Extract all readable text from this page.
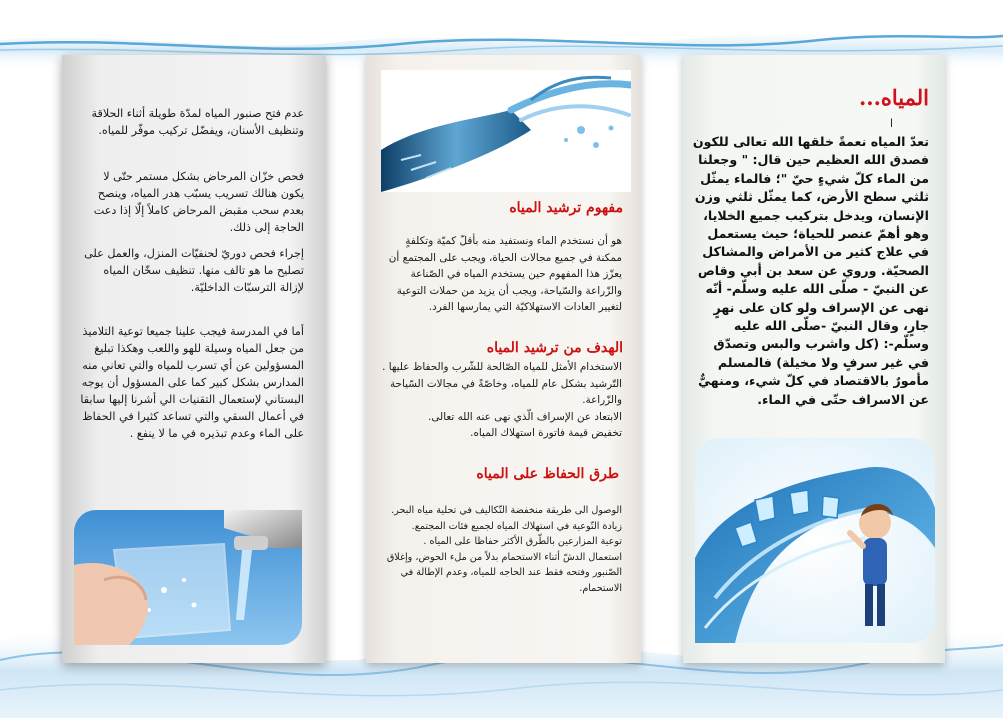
عدم فتح صنبور المياه لمدّة طويلة أثناء الحلاقة وتنظيف الأسنان، ويفضّل تركيب موفّر للمياه.

فحص خزّان المرحاض بشكل مستمر حتّى لا يكون هنالك تسريب يسبّب هدر المياه، وينصح بعدم سحب مقبض المرحاض كاملاً إلّا إذا دعت الحاجة إلى ذلك.

إجراء فحص دوريّ لحنفيّات المنزل، والعمل على تصليح ما هو تالف منها. تنظيف سخّان المياه لإزالة الترسبّات الداخليّة.

أما في المدرسة فيجب علينا جميعا توعية التلاميذ من جعل المياه وسيلة للهو واللعب وهكذا تبليغ المسؤولين عن أي تسرب للمياه والتي تعاني منه المدارس بشكل كبير كما على المسؤول أن يوجه البستاني لإستعمال التقنيات الي أشرنا إليها سابقا في أعمال السقي والتي تساعد كثيرا في الحفاظ على الماء وعدم تبذيره في ما لا ينفع .

مفهوم ترشيد المياه

هو أن نستخدم الماء ونستفيد منه بأقلّ كميّة وتكلفةٍ ممكنة في جميع مجالات الحياة، ويجب على المجتمع أن يعزّز هذا المفهوم حين يستخدم المياه في الصّناعة والزّراعة والسّياحة، ويجب أن يزيد من حملات التوعية لتغيير العادات الاستهلاكيّة التي يمارسها الفرد.

الهدف من ترشيد المياه
الاستخدام الأمثل للمياه الصّالحة للشّرب والحفاظ عليها .
التّرشيد بشكل عام للمياه، وخاصّةً في مجالات السّياحة والزّراعة.
الابتعاد عن الإسراف الّذي نهى عنه الله تعالى.
تخفيض قيمة فاتورة استهلاك المياه.
طرق الحفاظ على المياه
الوصول الى طريقة منخفضة التّكاليف في تحلية مياه البحر.
زيادة التّوعية في استهلاك المياه لجميع فئات المجتمع.
توعية المزارعين بالطّرق الأكثر حفاظا على المياه .
استعمال الدشّ أثناء الاستحمام بدلاً من ملء الحوض، وإغلاق الصّنبور وفتحه فقط عند الحاجه للمياه، وعدم الإطالة في الاستحمام.
المياه...
ا

تعدّ المياه نعمةً خلقها الله تعالى للكون فصدق الله العظيم حين قال: " وجعلنا من الماء كلّ شيءٍ حيّ "؛ فالماء يمثّل ثلثي سطح الأرض، كما يمثّل ثلثي وزن الإنسان، ويدخل بتركيب جميع الخلايا، وهو أهمّ عنصر للحياة؛ حيث يستعمل في علاج كثير من الأمراض والمشاكل الصحيّة. وروي عن سعد بن أبي وقاص عن النبيّ - صلّى الله عليه وسلّم- أنّه نهى عن الإسراف ولو كان على نهرٍ جارٍ، وقال النبيّ -صلّى الله عليه وسلّم-: (كل واشرب والبس وتصدّق في غير سرفٍ ولا مخيلة) فالمسلم مأمورٌ بالاقتصاد في كلّ شيء، ومنهيٌّ عن الاسراف حتّى في الماء.
